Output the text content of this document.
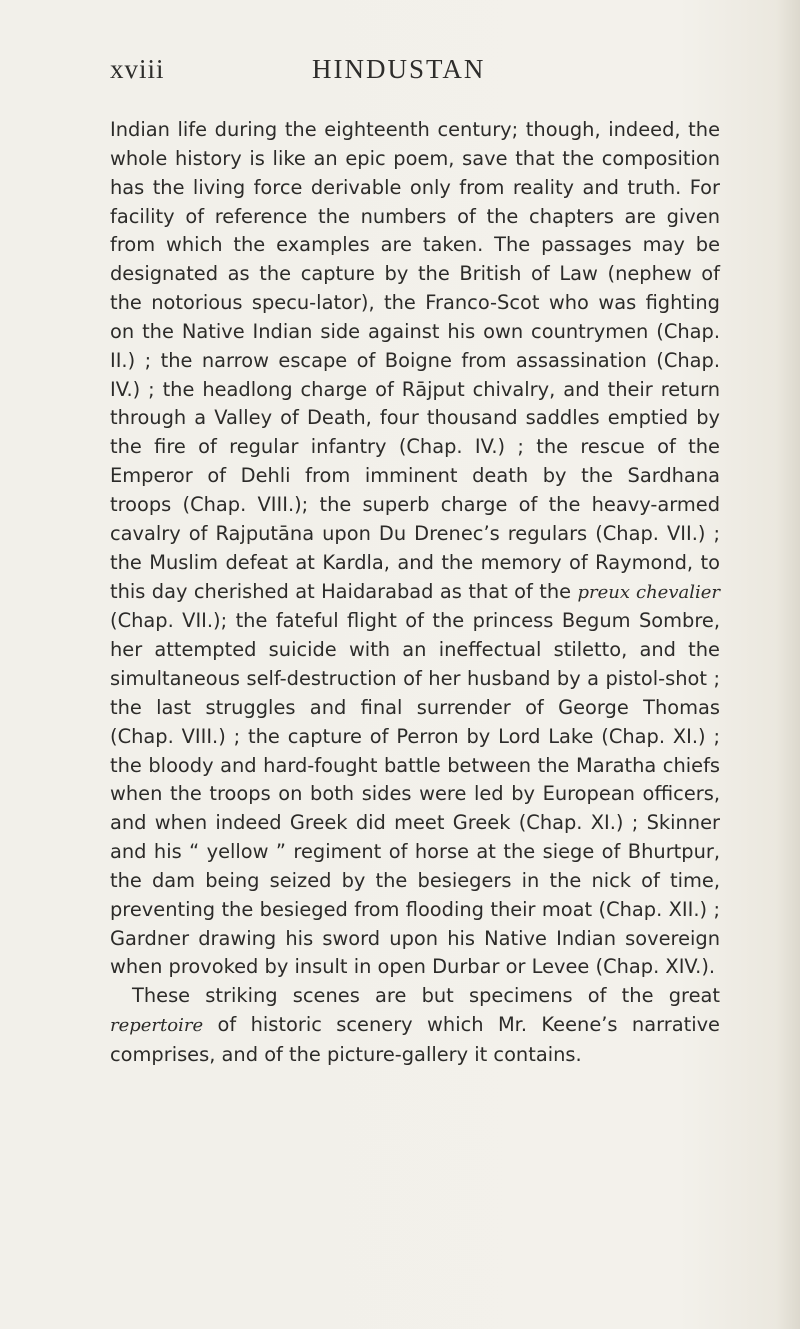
xviii	HINDUSTAN

Indian life during the eighteenth century; though, indeed, the whole history is like an epic poem, save that the composition has the living force derivable only from reality and truth. For facility of reference the numbers of the chapters are given from which the examples are taken. The passages may be designated as the capture by the British of Law (nephew of the notorious specu-lator), the Franco-Scot who was fighting on the Native Indian side against his own countrymen (Chap. II.) ; the narrow escape of Boigne from assassination (Chap. IV.) ; the headlong charge of Rājput chivalry, and their return through a Valley of Death, four thousand saddles emptied by the fire of regular infantry (Chap. IV.) ; the rescue of the Emperor of Dehli from imminent death by the Sardhana troops (Chap. VIII.); the superb charge of the heavy-armed cavalry of Rajputāna upon Du Drenec’s regulars (Chap. VII.) ; the Muslim defeat at Kardla, and the memory of Raymond, to this day cherished at Haidarabad as that of the preux chevalier (Chap. VII.); the fateful flight of the princess Begum Sombre, her attempted suicide with an ineffectual stiletto, and the simultaneous self-destruction of her husband by a pistol-shot ; the last struggles and final surrender of George Thomas (Chap. VIII.) ; the capture of Perron by Lord Lake (Chap. XI.) ; the bloody and hard-fought battle between the Maratha chiefs when the troops on both sides were led by European officers, and when indeed Greek did meet Greek (Chap. XI.) ; Skinner and his “ yellow ” regiment of horse at the siege of Bhurtpur, the dam being seized by the besiegers in the nick of time, preventing the besieged from flooding their moat (Chap. XII.) ; Gardner drawing his sword upon his Native Indian sovereign when provoked by insult in open Durbar or Levee (Chap. XIV.).

These striking scenes are but specimens of the great repertoire of historic scenery which Mr. Keene’s narrative comprises, and of the picture-gallery it contains.
